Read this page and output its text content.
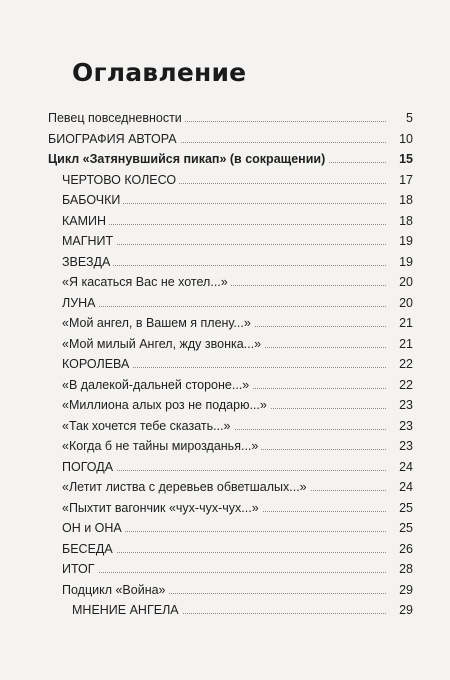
Оглавление
Певец повседневности	5
БИОГРАФИЯ АВТОРА	10
Цикл «Затянувшийся пикап» (в сокращении)	15
ЧЕРТОВО КОЛЕСО	17
БАБОЧКИ	18
КАМИН	18
МАГНИТ	19
ЗВЕЗДА	19
«Я касаться Вас не хотел...»	20
ЛУНА	20
«Мой ангел, в Вашем я плену...»	21
«Мой милый Ангел, жду звонка...»	21
КОРОЛЕВА	22
«В далекой-дальней стороне...»	22
«Миллиона алых роз не подарю...»	23
«Так хочется тебе сказать...»	23
«Когда б не тайны мирозданья...»	23
ПОГОДА	24
«Летит листва с деревьев обветшалых...»	24
«Пыхтит вагончик «чух-чух-чух...»	25
ОН и ОНА	25
БЕСЕДА	26
ИТОГ	28
Подцикл «Война»	29
МНЕНИЕ АНГЕЛА	29
